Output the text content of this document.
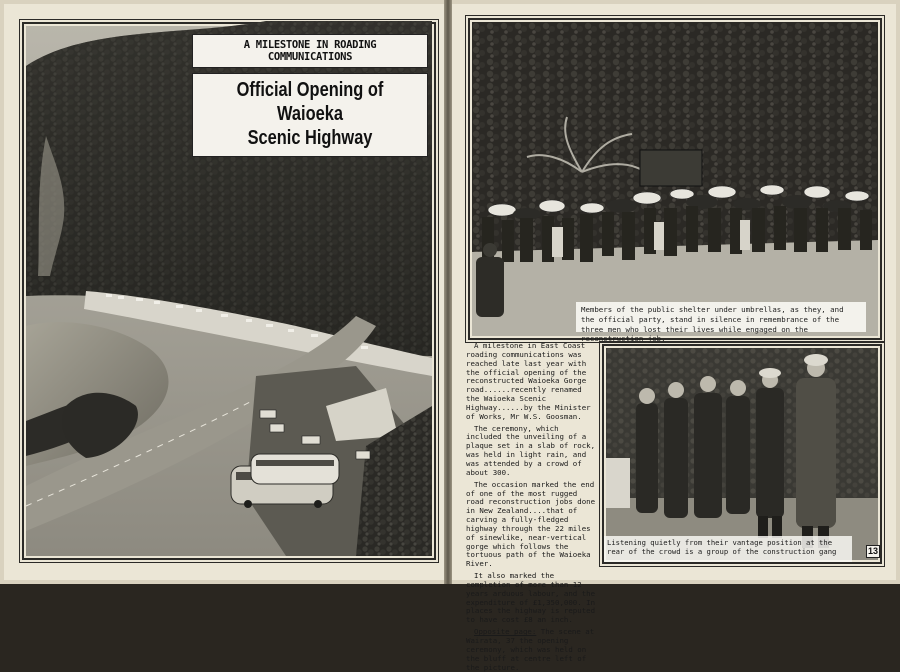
A MILESTONE IN ROADING COMMUNICATIONS
Official Opening of Waioeka
Scenic Highway
Members of the public shelter under umbrellas, as they, and the official party, stand in silence in remembrance of the three men who lost their lives while engaged on the reconstruction job.

A milestone in East Coast roading communications was reached late last year with the official opening of the reconstructed Waioeka Gorge road......recently renamed the Waioeka Scenic Highway......by the Minister of Works, Mr W.S. Goosman.

The ceremony, which included the unveiling of a plaque set in a slab of rock, was held in light rain, and was attended by a crowd of about 300.

The occasion marked the end of one of the most rugged road reconstruction jobs done in New Zealand....that of carving a fully-fledged highway through the 22 miles of sinewlike, near-vertical gorge which follows the tortuous path of the Waioeka River.

It also marked the completion of more than 12 years arduous labour, and the expenditure of £1,350,000. In places the highway is reputed to have cost £8 an inch.

Opposite page: The scene at Wairata, 37 the opening ceremony, which was held on the bluff at centre left of the picture.

Listening quietly from their vantage position at the rear of the crowd is a group of the construction gang	13
